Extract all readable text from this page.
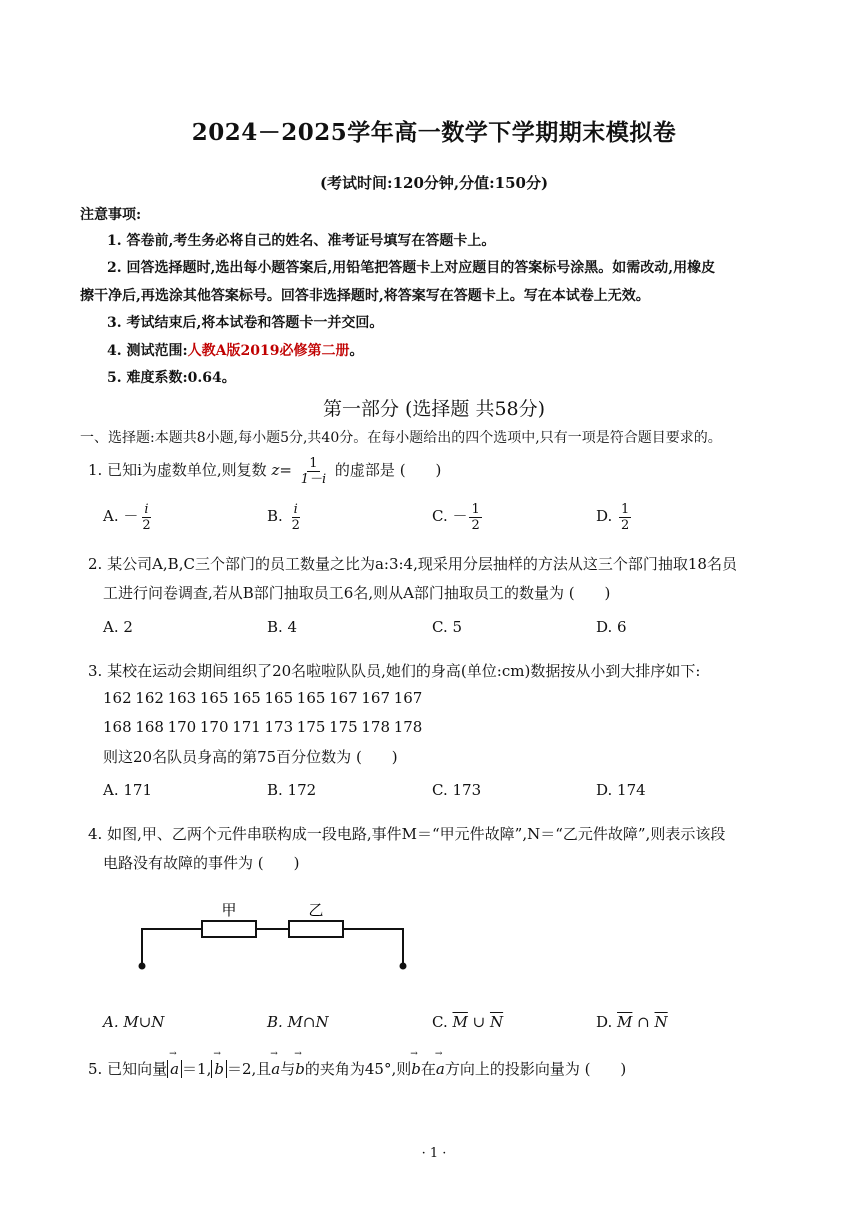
2024－2025学年高一数学下学期期末模拟卷
(考试时间:120分钟,分值:150分)
注意事项:
1. 答卷前,考生务必将自己的姓名、准考证号填写在答题卡上。
2. 回答选择题时,选出每小题答案后,用铅笔把答题卡上对应题目的答案标号涂黑。如需改动,用橡皮
擦干净后,再选涂其他答案标号。回答非选择题时,将答案写在答题卡上。写在本试卷上无效。
3. 考试结束后,将本试卷和答题卡一并交回。
4. 测试范围:人教A版2019必修第二册。
5. 难度系数:0.64。
第一部分 (选择题 共58分)
一、选择题:本题共8小题,每小题5分,共40分。在每小题给出的四个选项中,只有一项是符合题目要求的。
1. 已知i为虚数单位,则复数 $z= \frac{1}{1-i}$ 的虚部是 (　　)
A. － $\frac{i}{2}$	B. $\frac{i}{2}$	C. － $\frac{1}{2}$	D. $\frac{1}{2}$
2. 某公司A,B,C三个部门的员工数量之比为a:3:4,现采用分层抽样的方法从这三个部门抽取18名员
工进行问卷调查,若从B部门抽取员工6名,则从A部门抽取员工的数量为 (　　)
A. 2	B. 4	C. 5	D. 6
3. 某校在运动会期间组织了20名啦啦队队员,她们的身高(单位:cm)数据按从小到大排序如下:
162 162 163 165 165 165 165 167 167 167
168 168 170 170 171 173 175 175 178 178
则这20名队员身高的第75百分位数为 (　　)
A. 171	B. 172	C. 173	D. 174
4. 如图,甲、乙两个元件串联构成一段电路,事件M＝“甲元件故障”,N＝“乙元件故障”,则表示该段
电路没有故障的事件为 (　　)
甲	乙
A. M∪N	B. M∩N	C. $\overline{M}$ ∪ $\overline{N}$	D. $\overline{M}$ ∩ $\overline{N}$
5. 已知向量 → a ＝1, → b ＝2,且→ a与→ b的夹角为45°,则→ b在→ a方向上的投影向量为 (　　)
· 1 ·
